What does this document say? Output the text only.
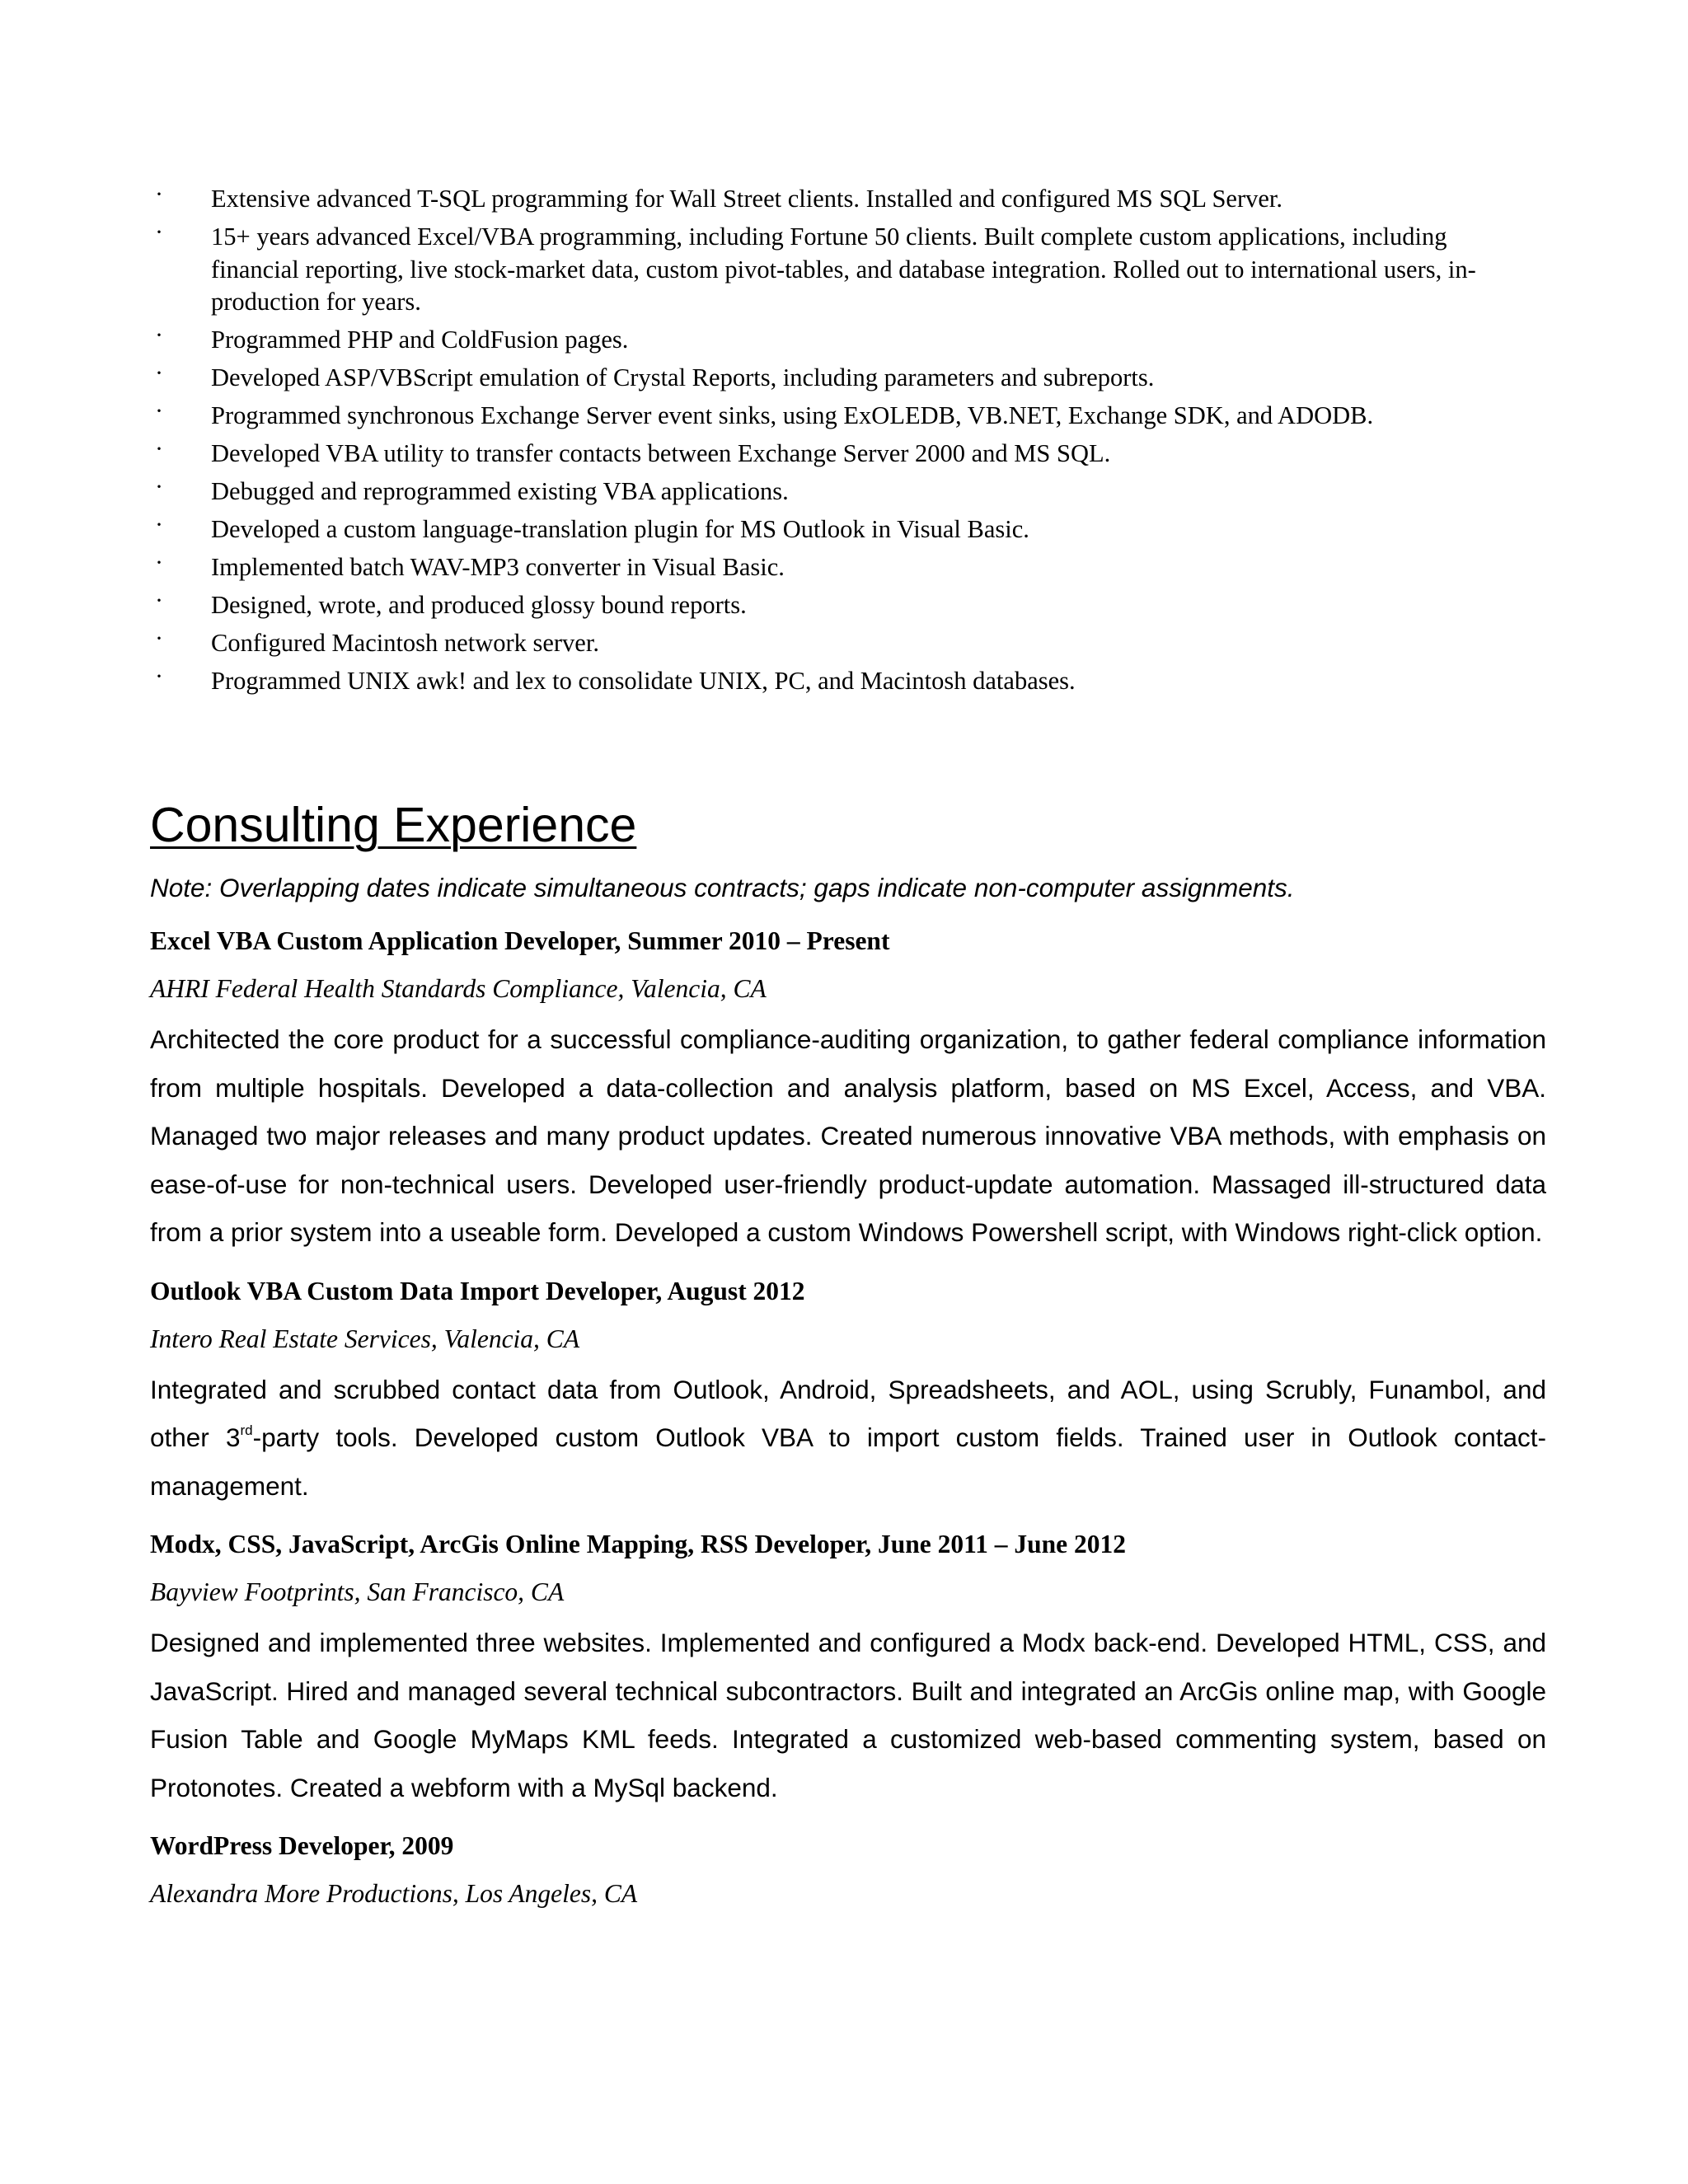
· Extensive advanced T-SQL programming for Wall Street clients. Installed and configured MS SQL Server.
· 15+ years advanced Excel/VBA programming, including Fortune 50 clients. Built complete custom applications, including financial reporting, live stock-market data, custom pivot-tables, and database integration. Rolled out to international users, in-production for years.
· Programmed PHP and ColdFusion pages.
· Developed ASP/VBScript emulation of Crystal Reports, including parameters and subreports.
· Programmed synchronous Exchange Server event sinks, using ExOLEDB, VB.NET, Exchange SDK, and ADODB.
· Developed VBA utility to transfer contacts between Exchange Server 2000 and MS SQL.
· Debugged and reprogrammed existing VBA applications.
· Developed a custom language-translation plugin for MS Outlook in Visual Basic.
· Implemented batch WAV-MP3 converter in Visual Basic.
· Designed, wrote, and produced glossy bound reports.
· Configured Macintosh network server.
· Programmed UNIX awk! and lex to consolidate UNIX, PC, and Macintosh databases.
Consulting Experience

Note: Overlapping dates indicate simultaneous contracts; gaps indicate non-computer assignments.

Excel VBA Custom Application Developer, Summer 2010 – Present

AHRI Federal Health Standards Compliance, Valencia, CA

Architected the core product for a successful compliance-auditing organization, to gather federal compliance information from multiple hospitals. Developed a data-collection and analysis platform, based on MS Excel, Access, and VBA. Managed two major releases and many product updates. Created numerous innovative VBA methods, with emphasis on ease-of-use for non-technical users. Developed user-friendly product-update automation. Massaged ill-structured data from a prior system into a useable form. Developed a custom Windows Powershell script, with Windows right-click option.

Outlook VBA Custom Data Import Developer, August 2012

Intero Real Estate Services, Valencia, CA

Integrated and scrubbed contact data from Outlook, Android, Spreadsheets, and AOL, using Scrubly, Funambol, and other 3rd-party tools. Developed custom Outlook VBA to import custom fields. Trained user in Outlook contact-management.

Modx, CSS, JavaScript, ArcGis Online Mapping, RSS Developer, June 2011 – June 2012

Bayview Footprints, San Francisco, CA

Designed and implemented three websites. Implemented and configured a Modx back-end. Developed HTML, CSS, and JavaScript. Hired and managed several technical subcontractors. Built and integrated an ArcGis online map, with Google Fusion Table and Google MyMaps KML feeds. Integrated a customized web-based commenting system, based on Protonotes. Created a webform with a MySql backend.

WordPress Developer, 2009

Alexandra More Productions, Los Angeles, CA
